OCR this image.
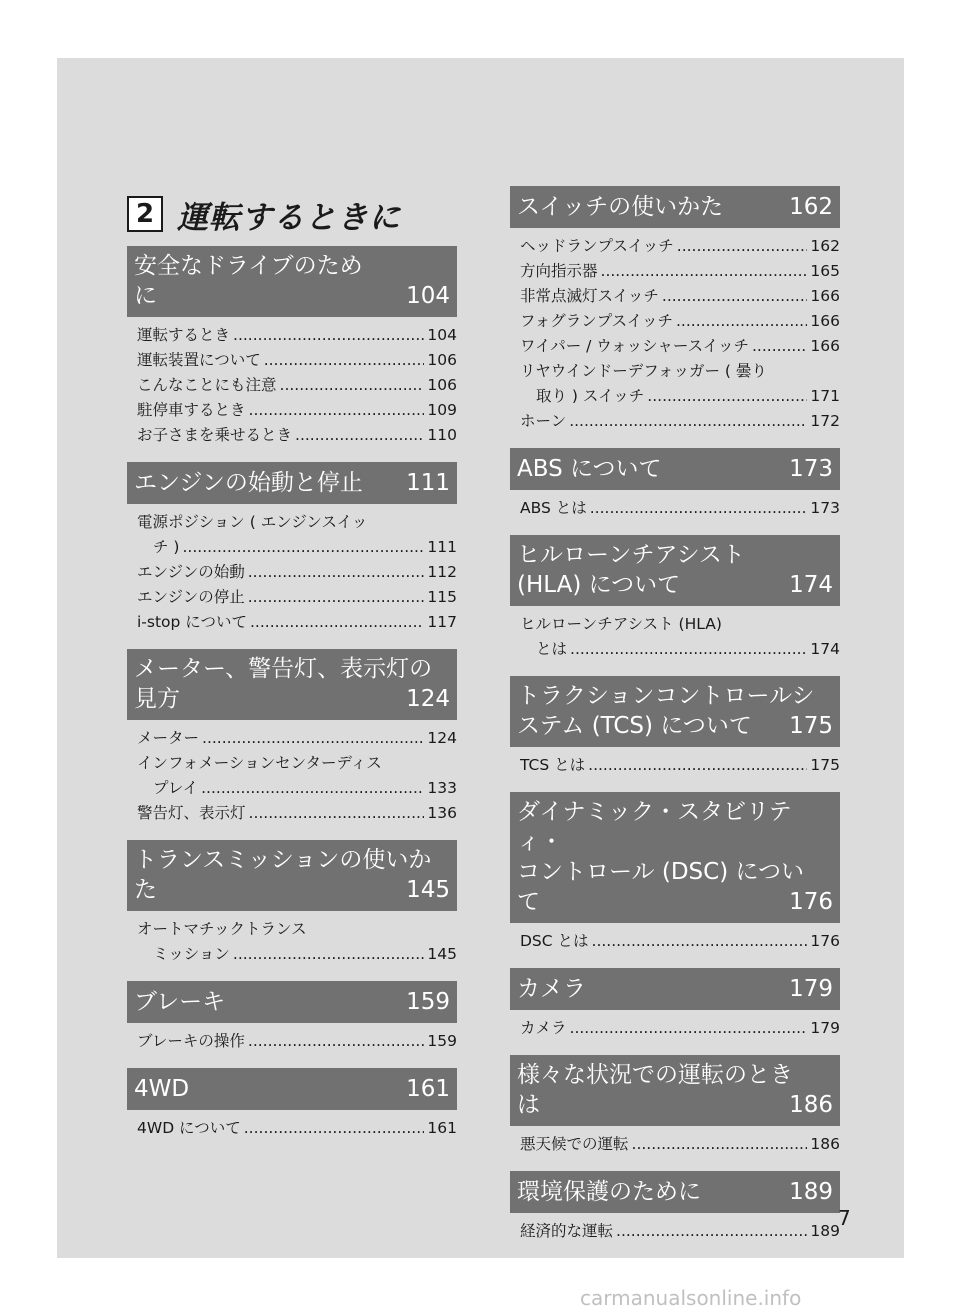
2 運転するときに
安全なドライブのため
に	104
運転するとき .....	104
運転装置について .....	106
こんなことにも注意 .....	106
駐停車するとき .....	109
お子さまを乗せるとき .....	110
エンジンの始動と停止 111
電源ポジション ( エンジンスイッ
チ ) .....	111
エンジンの始動 .....	112
エンジンの停止 .....	115
i-stop について .....	117
メーター、警告灯、表示灯の
見方	124
メーター .....	124
インフォメーションセンターディス
プレイ .....	133
警告灯、表示灯 .....	136
トランスミッションの使いか
た	145
オートマチックトランス
ミッション .....	145
ブレーキ	159
ブレーキの操作 .....	159
4WD	161
4WD について .....	161
スイッチの使いかた	162
ヘッドランプスイッチ .....	162
方向指示器 .....	165
非常点滅灯スイッチ .....	166
フォグランプスイッチ .....	166
ワイパー / ウォッシャースイッチ .....	166
リヤウインドーデフォッガー ( 曇り
取り ) スイッチ .....	171
ホーン .....	172
ABS について	173
ABS とは .....	173
ヒルローンチアシスト
(HLA) について	174
ヒルローンチアシスト (HLA)
とは .....	174
トラクションコントロールシ
ステム (TCS) について 175
TCS とは .....	175
ダイナミック・スタビリティ・
コントロール (DSC) につい
て	176
DSC とは .....	176
カメラ	179
カメラ .....	179
様々な状況での運転のとき
は	186
悪天候での運転 .....	186
環境保護のために	189
経済的な運転 .....	189
7
carmanualsonline.info
